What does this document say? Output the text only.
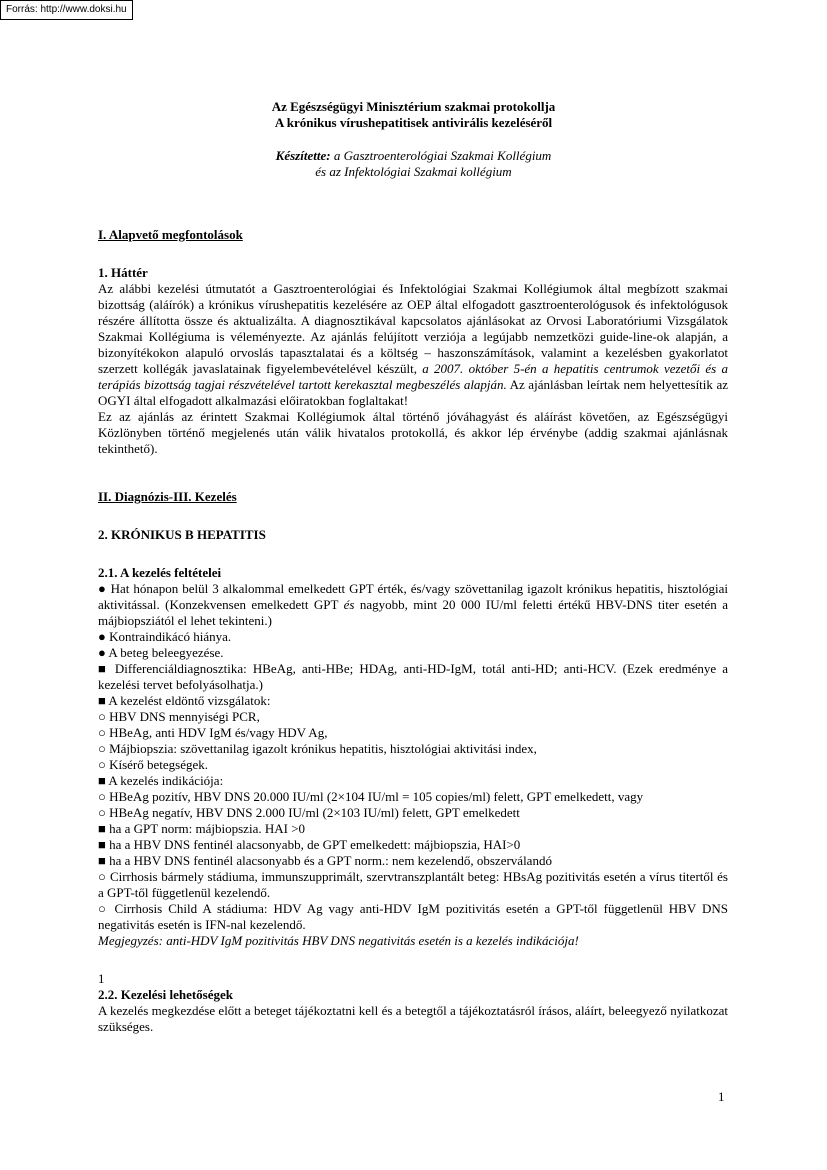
Forrás: http://www.doksi.hu
Az Egészségügyi Minisztérium szakmai protokollja
A krónikus vírushepatitisek antivirális kezeléséről
Készítette: a Gasztroenterológiai Szakmai Kollégium
és az Infektológiai Szakmai kollégium

I. Alapvető megfontolások

1. Háttér

Az alábbi kezelési útmutatót a Gasztroenterológiai és Infektológiai Szakmai Kollégiumok által megbízott szakmai bizottság (aláírók) a krónikus vírushepatitis kezelésére az OEP által elfogadott gasztroenterológusok és infektológusok részére állította össze és aktualizálta. A diagnosztikával kapcsolatos ajánlásokat az Orvosi Laboratóriumi Vizsgálatok Szakmai Kollégiuma is véleményezte. Az ajánlás felújított verziója a legújabb nemzetközi guide-line-ok alapján, a bizonyítékokon alapuló orvoslás tapasztalatai és a költség – haszonszámítások, valamint a kezelésben gyakorlatot szerzett kollégák javaslatainak figyelembevételével készült, a 2007. október 5-én a hepatitis centrumok vezetői és a terápiás bizottság tagjai részvételével tartott kerekasztal megbeszélés alapján. Az ajánlásban leírtak nem helyettesítik az OGYI által elfogadott alkalmazási előiratokban foglaltakat!

Ez az ajánlás az érintett Szakmai Kollégiumok által történő jóváhagyást és aláírást követően, az Egészségügyi Közlönyben történő megjelenés után válik hivatalos protokollá, és akkor lép érvénybe (addig szakmai ajánlásnak tekinthető).

II. Diagnózis-III. Kezelés

2. KRÓNIKUS B HEPATITIS

2.1. A kezelés feltételei

● Hat hónapon belül 3 alkalommal emelkedett GPT érték, és/vagy szövettanilag igazolt krónikus hepatitis, hisztológiai aktivitással. (Konzekvensen emelkedett GPT és nagyobb, mint 20 000 IU/ml feletti értékű HBV-DNS titer esetén a májbiopsziától el lehet tekinteni.)

● Kontraindikácó hiánya.

● A beteg beleegyezése.

■ Differenciáldiagnosztika: HBeAg, anti-HBe; HDAg, anti-HD-IgM, totál anti-HD; anti-HCV. (Ezek eredménye a kezelési tervet befolyásolhatja.)

■ A kezelést eldöntő vizsgálatok:

○ HBV DNS mennyiségi PCR,

○ HBeAg, anti HDV IgM és/vagy HDV Ag,

○ Májbiopszia: szövettanilag igazolt krónikus hepatitis, hisztológiai aktivitási index,

○ Kísérő betegségek.

■ A kezelés indikációja:

○ HBeAg pozitív, HBV DNS 20.000 IU/ml (2×104 IU/ml = 105 copies/ml) felett, GPT emelkedett, vagy

○ HBeAg negatív, HBV DNS 2.000 IU/ml (2×103 IU/ml) felett, GPT emelkedett

■ ha a GPT norm: májbiopszia. HAI >0

■ ha a HBV DNS fentinél alacsonyabb, de GPT emelkedett: májbiopszia, HAI>0

■ ha a HBV DNS fentinél alacsonyabb és a GPT norm.: nem kezelendő, obszerválandó

○ Cirrhosis bármely stádiuma, immunszupprimált, szervtranszplantált beteg: HBsAg pozitivitás esetén a vírus titertől és a GPT-től függetlenül kezelendő.

○ Cirrhosis Child A stádiuma: HDV Ag vagy anti-HDV IgM pozitivitás esetén a GPT-től függetlenül HBV DNS negativitás esetén is IFN-nal kezelendő.

Megjegyzés: anti-HDV IgM pozitivitás HBV DNS negativitás esetén is a kezelés indikációja!

1

2.2. Kezelési lehetőségek

A kezelés megkezdése előtt a beteget tájékoztatni kell és a betegtől a tájékoztatásról írásos, aláírt, beleegyező nyilatkozat szükséges.

1
